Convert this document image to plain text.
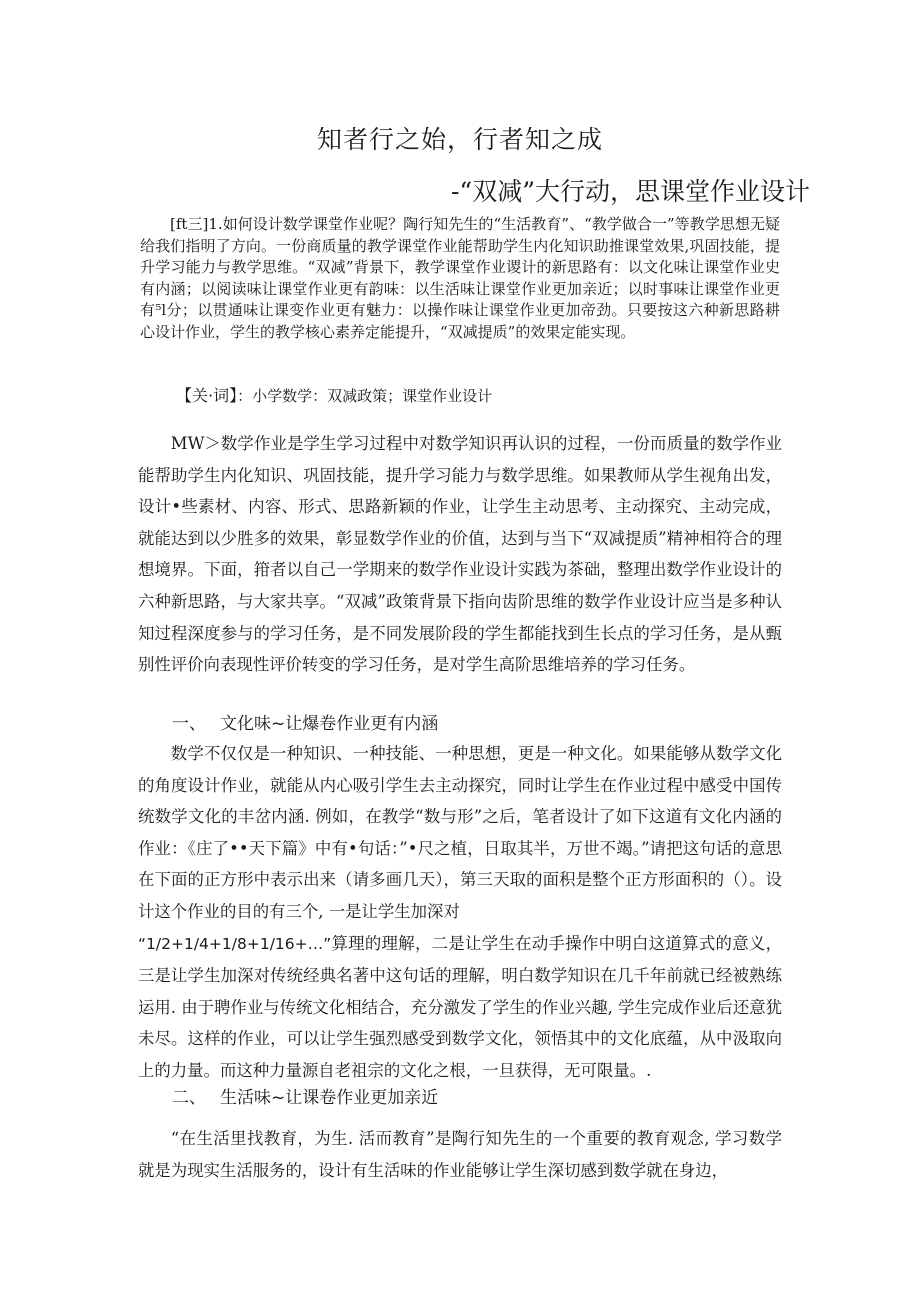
知者行之始，行者知之成
-“双减”大行动，思课堂作业设计

[ft三]1.如何设计数学课堂作业呢？陶行知先生的“生活教育”、“教学做合一”等教学思想无疑给我们指明了方向。一份商质量的教学课堂作业能帮助学生内化知识助推课堂效果,巩固技能，提升学习能力与教学思维。“双减”背景下，教学课堂作业谡计的新思路有：以文化味让课堂作业史有内涵；以阅读味让课堂作业更有韵味：以生活味让课堂作业更加亲近；以时事味让课堂作业更有⁵l分；以贯通味让课变作业更有魅力：以操作味让课堂作业更加帝劲。只要按这六种新思路耕心设计作业，学生的教学核心素养定能提升，“双减提质”的效果定能实现。

【关·词】：小学数学：双减政策；课堂作业设计

MW＞数学作业是学生学习过程中对数学知识再认识的过程，一份而质量的数学作业能帮助学生内化知识、巩固技能，提升学习能力与数学思维。如果教师从学生视角出发，设计•些素材、内容、形式、思路新颖的作业，让学生主动思考、主动探究、主动完成，就能达到以少胜多的效果，彰显数学作业的价值，达到与当下“双减提质”精神相符合的理想境界。下面，箝者以自己一学期来的数学作业设计实践为茶础，整理出数学作业设计的六种新思路，与大家共享。“双减”政策背景下指向齿阶思维的数学作业设计应当是多种认知过程深度参与的学习任务，是不同发展阶段的学生都能找到生长点的学习任务，是从甄别性评价向表现性评价转变的学习任务，是对学生高阶思维培养的学习任务。

一、 文化味~让爆卷作业更有内涵

数学不仅仅是一种知识、一种技能、一种思想，更是一种文化。如果能够从数学文化的角度设计作业，就能从内心吸引学生去主动探究，同时让学生在作业过程中感受中国传统数学文化的丰岔内涵. 例如，在教学“数与形”之后，笔者设计了如下这道有文化内涵的作业：《庄了••天下篇》中有•句话：”•尺之植，日取其半，万世不竭。”请把这句话的意思在下面的正方形中表示出来（请多画几天），第三天取的面积是整个正方形面积的（）。设计这个作业的目的有三个, 一是让学生加深对
“1/2+1/4+1/8+1/16+…”算理的理解，二是让学生在动手操作中明白这道算式的意义，三是让学生加深对传统经典名著中这句话的理解，明白数学知识在几千年前就已经被熟练运用. 由于聘作业与传统文化相结合，充分激发了学生的作业兴趣, 学生完成作业后还意犹未尽。这样的作业，可以让学生强烈感受到数学文化，领悟其中的文化底蕴，从中汲取向上的力量。而这种力量源自老祖宗的文化之根，一旦获得，无可限量。.

二、 生活味~让课卷作业更加亲近

“在生活里找教育，为生. 活而教育”是陶行知先生的一个重要的教育观念, 学习数学就是为现实生活服务的，设计有生活味的作业能够让学生深切感到数学就在身边，
